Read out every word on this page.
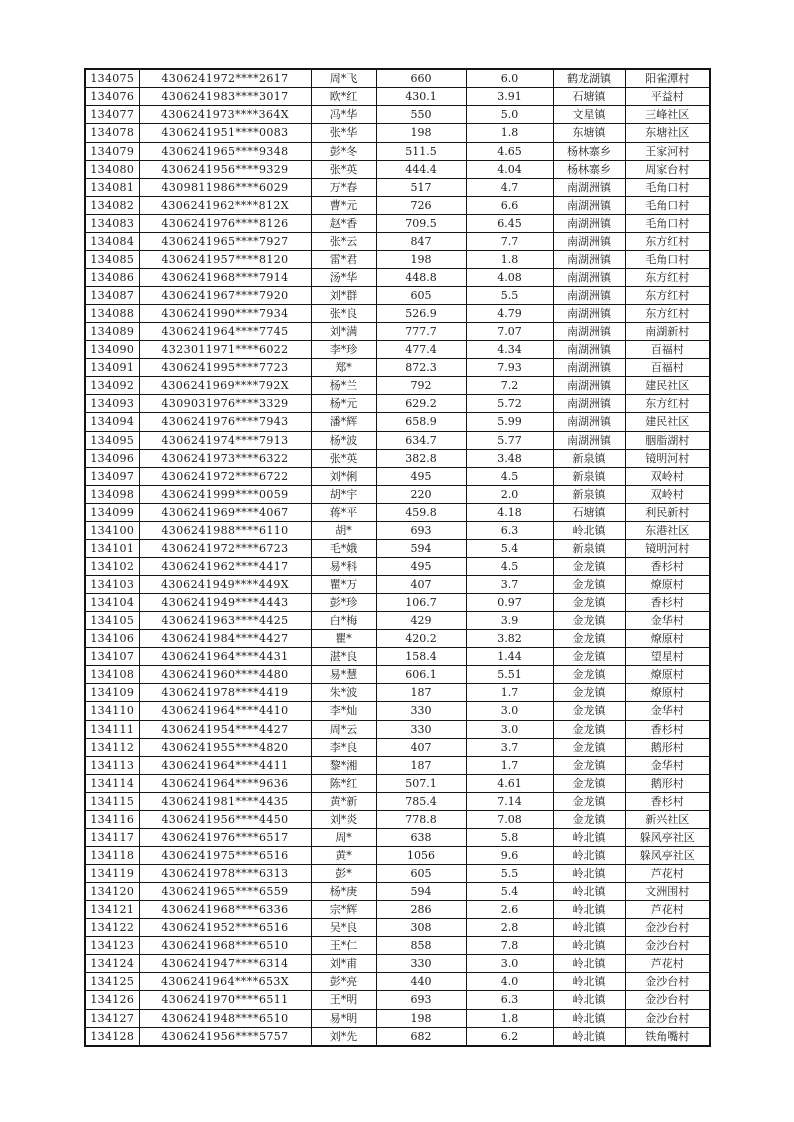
134075	4306241972****2617	周*飞	660	6.0	鹤龙湖镇	阳雀潭村
134076	4306241983****3017	欧*红	430.1	3.91	石塘镇	平益村
134077	4306241973****364X	冯*华	550	5.0	文星镇	三峰社区
134078	4306241951****0083	张*华	198	1.8	东塘镇	东塘社区
134079	4306241965****9348	彭*冬	511.5	4.65	杨林寨乡	王家河村
134080	4306241956****9329	张*英	444.4	4.04	杨林寨乡	周家台村
134081	4309811986****6029	万*春	517	4.7	南湖洲镇	毛角口村
134082	4306241962****812X	曹*元	726	6.6	南湖洲镇	毛角口村
134083	4306241976****8126	赵*香	709.5	6.45	南湖洲镇	毛角口村
134084	4306241965****7927	张*云	847	7.7	南湖洲镇	东方红村
134085	4306241957****8120	雷*君	198	1.8	南湖洲镇	毛角口村
134086	4306241968****7914	汤*华	448.8	4.08	南湖洲镇	东方红村
134087	4306241967****7920	刘*群	605	5.5	南湖洲镇	东方红村
134088	4306241990****7934	张*良	526.9	4.79	南湖洲镇	东方红村
134089	4306241964****7745	刘*满	777.7	7.07	南湖洲镇	南湖新村
134090	4323011971****6022	李*珍	477.4	4.34	南湖洲镇	百福村
134091	4306241995****7723	郑*	872.3	7.93	南湖洲镇	百福村
134092	4306241969****792X	杨*兰	792	7.2	南湖洲镇	建民社区
134093	4309031976****3329	杨*元	629.2	5.72	南湖洲镇	东方红村
134094	4306241976****7943	潘*辉	658.9	5.99	南湖洲镇	建民社区
134095	4306241974****7913	杨*波	634.7	5.77	南湖洲镇	胭脂湖村
134096	4306241973****6322	张*英	382.8	3.48	新泉镇	镜明河村
134097	4306241972****6722	刘*俐	495	4.5	新泉镇	双岭村
134098	4306241999****0059	胡*宇	220	2.0	新泉镇	双岭村
134099	4306241969****4067	蒋*平	459.8	4.18	石塘镇	利民新村
134100	4306241988****6110	胡*	693	6.3	岭北镇	东港社区
134101	4306241972****6723	毛*娥	594	5.4	新泉镇	镜明河村
134102	4306241962****4417	易*科	495	4.5	金龙镇	香杉村
134103	4306241949****449X	瞿*万	407	3.7	金龙镇	燎原村
134104	4306241949****4443	彭*珍	106.7	0.97	金龙镇	香杉村
134105	4306241963****4425	白*梅	429	3.9	金龙镇	金华村
134106	4306241984****4427	瞿*	420.2	3.82	金龙镇	燎原村
134107	4306241964****4431	湛*良	158.4	1.44	金龙镇	望星村
134108	4306241960****4480	易*慧	606.1	5.51	金龙镇	燎原村
134109	4306241978****4419	朱*波	187	1.7	金龙镇	燎原村
134110	4306241964****4410	李*灿	330	3.0	金龙镇	金华村
134111	4306241954****4427	周*云	330	3.0	金龙镇	香杉村
134112	4306241955****4820	李*良	407	3.7	金龙镇	鹅形村
134113	4306241964****4411	黎*湘	187	1.7	金龙镇	金华村
134114	4306241964****9636	陈*红	507.1	4.61	金龙镇	鹅形村
134115	4306241981****4435	黄*新	785.4	7.14	金龙镇	香杉村
134116	4306241956****4450	刘*炎	778.8	7.08	金龙镇	新兴社区
134117	4306241976****6517	周*	638	5.8	岭北镇	躲风亭社区
134118	4306241975****6516	黄*	1056	9.6	岭北镇	躲风亭社区
134119	4306241978****6313	彭*	605	5.5	岭北镇	芦花村
134120	4306241965****6559	杨*庚	594	5.4	岭北镇	文洲围村
134121	4306241968****6336	宗*辉	286	2.6	岭北镇	芦花村
134122	4306241952****6516	吴*良	308	2.8	岭北镇	金沙台村
134123	4306241968****6510	王*仁	858	7.8	岭北镇	金沙台村
134124	4306241947****6314	刘*甫	330	3.0	岭北镇	芦花村
134125	4306241964****653X	彭*亮	440	4.0	岭北镇	金沙台村
134126	4306241970****6511	王*明	693	6.3	岭北镇	金沙台村
134127	4306241948****6510	易*明	198	1.8	岭北镇	金沙台村
134128	4306241956****5757	刘*先	682	6.2	岭北镇	铁角嘴村
